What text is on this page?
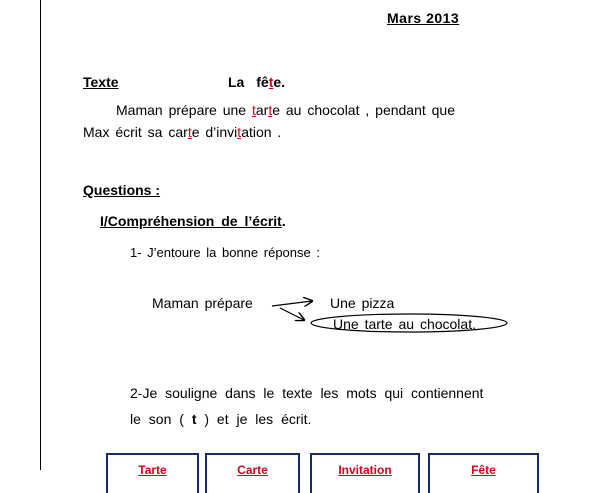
Mars 2013
Texte	La fête.
Maman prépare une tarte au chocolat , pendant que
Max écrit sa carte d’invitation .
Questions :
I/Compréhension de l’écrit.
1- J’entoure la bonne réponse :
Maman prépare	Une pizza
Une tarte au chocolat.
2-Je souligne dans le texte les mots qui contiennent
le son ( t ) et je les écrit.
Tarte	Carte	Invitation	Fête
